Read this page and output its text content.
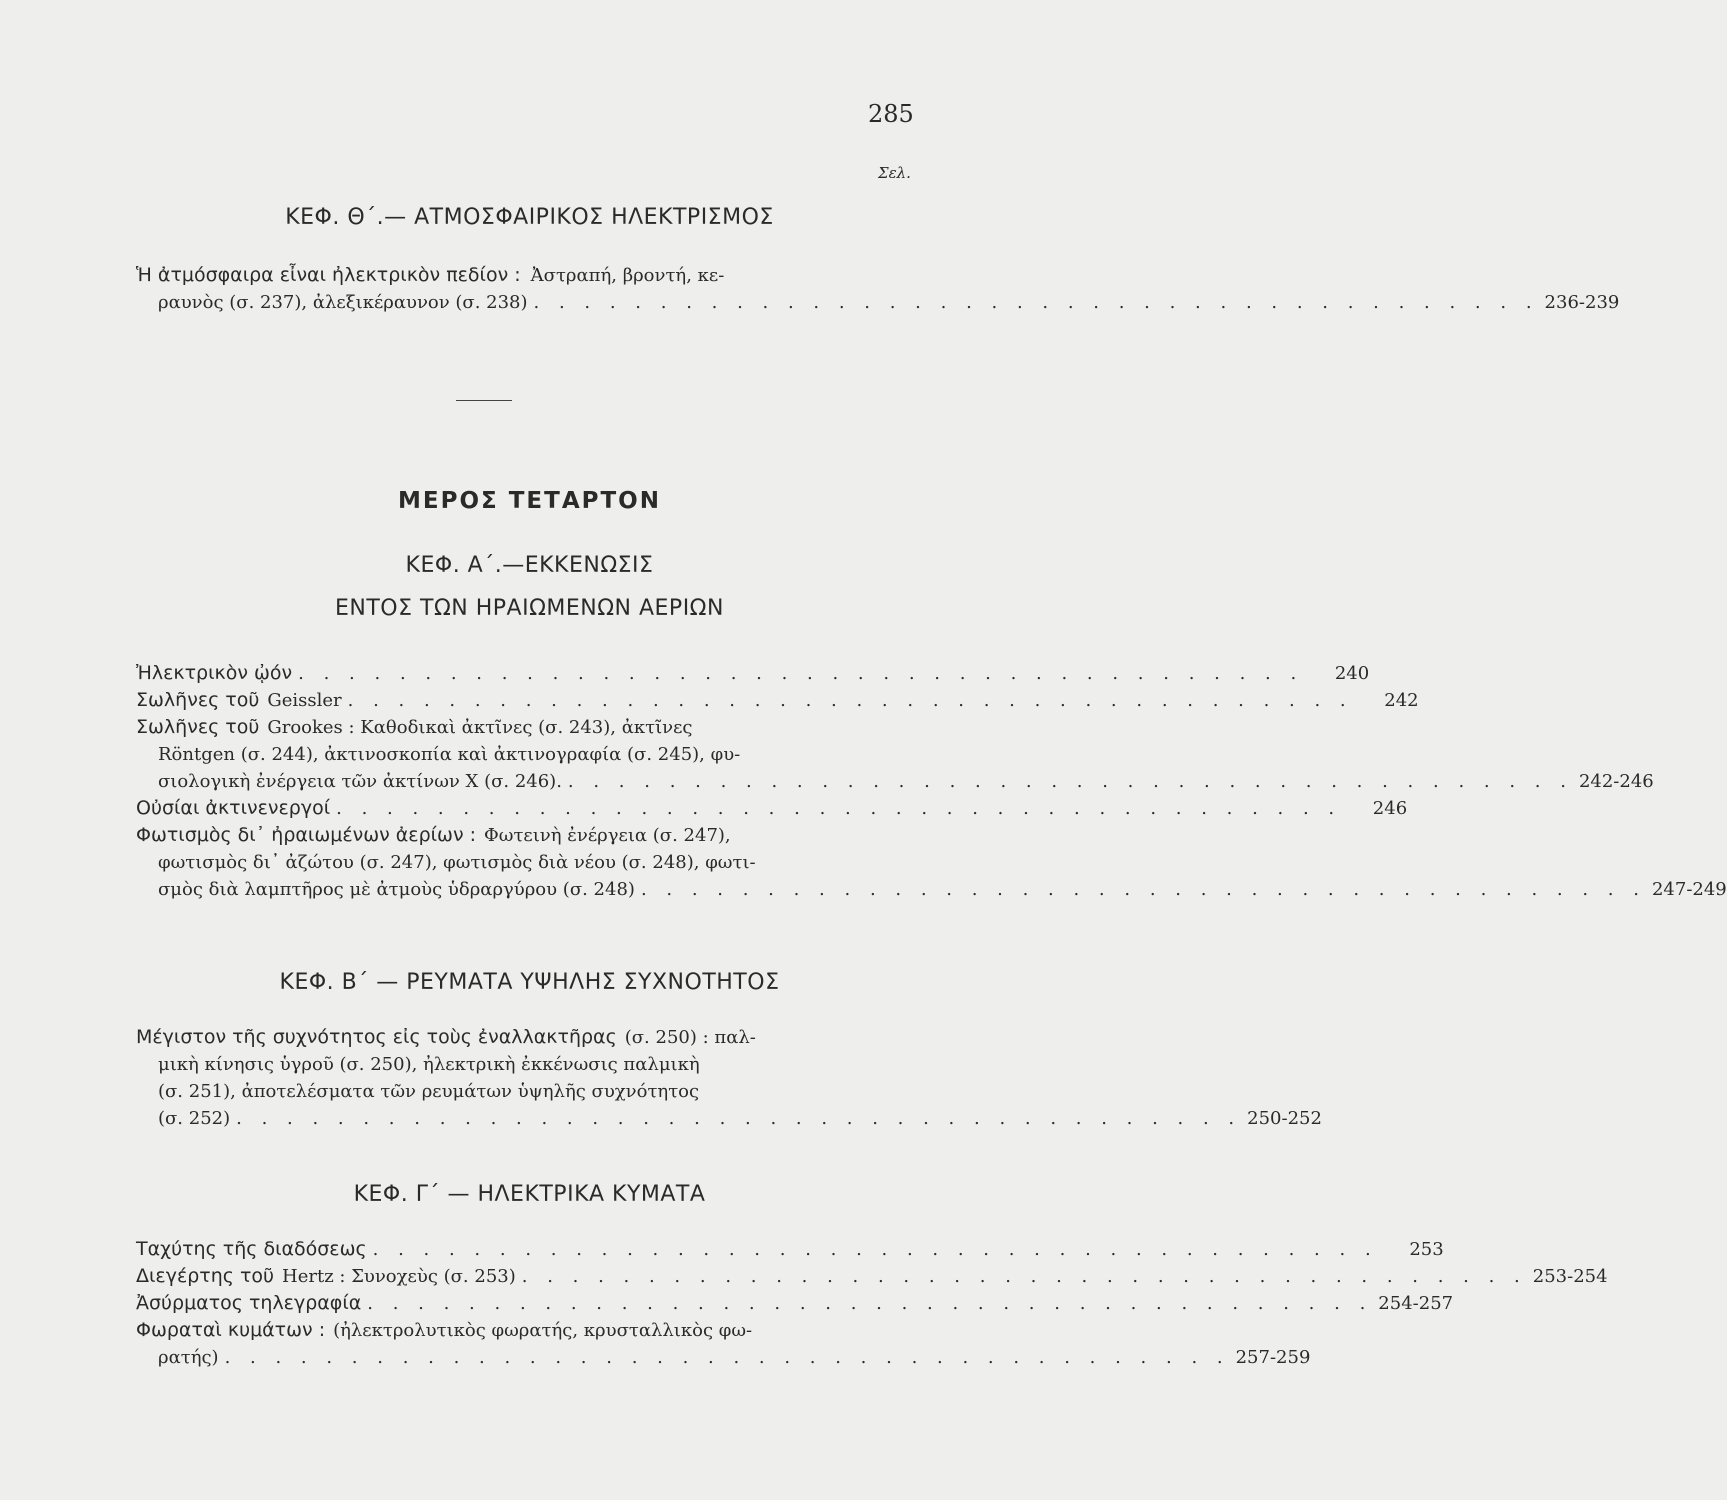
285
Σελ.
ΚΕΦ. Θ΄.— ΑΤΜΟΣΦΑΙΡΙΚΟΣ ΗΛΕΚΤΡΙΣΜΟΣ
Ἡ ἀτμόσφαιρα εἶναι ἠλεκτρικὸν πεδίον : Ἀστραπή, βροντή, κε-
ραυνὸς (σ. 237), ἀλεξικέραυνον (σ. 238) . . . . . . . . . . . . . . . . . . . . . . . . . . . . . . . . . . . . . . . . 236-239
ΜΕΡΟΣ ΤΕΤΑΡΤΟΝ
ΚΕΦ. Α΄.—ΕΚΚΕΝΩΣΙΣ
ΕΝΤΟΣ ΤΩΝ ΗΡΑΙΩΜΕΝΩΝ ΑΕΡΙΩΝ
Ἠλεκτρικὸν ᾠόν . . . . . . . . . . . . . . . . . . . . . . . . . . . . . . . . . . . . . . . .	240
Σωλῆνες τοῦ Geissler . . . . . . . . . . . . . . . . . . . . . . . . . . . . . . . . . . . . . . . .	242
Σωλῆνες τοῦ Grookes : Καθοδικαὶ ἀκτῖνες (σ. 243), ἀκτῖνες
Röntgen (σ. 244), ἀκτινοσκοπία καὶ ἀκτινογραφία (σ. 245), φυ-
σιολογικὴ ἐνέργεια τῶν ἀκτίνων Χ (σ. 246). . . . . . . . . . . . . . . . . . . . . . . . . . . . . . . . . . . . . . . . . 242-246
Οὐσίαι ἀκτινενεργοί . . . . . . . . . . . . . . . . . . . . . . . . . . . . . . . . . . . . . . . .	246
Φωτισμὸς δι᾽ ἠραιωμένων ἀερίων : Φωτεινὴ ἐνέργεια (σ. 247),
φωτισμὸς δι᾽ ἀζώτου (σ. 247), φωτισμὸς διὰ νέου (σ. 248), φωτι-
σμὸς διὰ λαμπτῆρος μὲ ἀτμοὺς ὑδραργύρου (σ. 248) . . . . . . . . . . . . . . . . . . . . . . . . . . . . . . . . . . . . . . . . 247-249
ΚΕΦ. Β΄ — ΡΕΥΜΑΤΑ ΥΨΗΛΗΣ ΣΥΧΝΟΤΗΤΟΣ
Μέγιστον τῆς συχνότητος εἰς τοὺς ἐναλλακτῆρας (σ. 250) : παλ-
μικὴ κίνησις ὑγροῦ (σ. 250), ἠλεκτρικὴ ἐκκένωσις παλμικὴ
(σ. 251), ἀποτελέσματα τῶν ρευμάτων ὑψηλῆς συχνότητος
(σ. 252) . . . . . . . . . . . . . . . . . . . . . . . . . . . . . . . . . . . . . . . . 250-252
ΚΕΦ. Γ΄ — ΗΛΕΚΤΡΙΚΑ ΚΥΜΑΤΑ
Ταχύτης τῆς διαδόσεως . . . . . . . . . . . . . . . . . . . . . . . . . . . . . . . . . . . . . . . .	253
Διεγέρτης τοῦ Hertz : Συνοχεὺς (σ. 253) . . . . . . . . . . . . . . . . . . . . . . . . . . . . . . . . . . . . . . . . 253-254
Ἀσύρματος τηλεγραφία . . . . . . . . . . . . . . . . . . . . . . . . . . . . . . . . . . . . . . . . 254-257
Φωραταὶ κυμάτων : (ἠλεκτρολυτικὸς φωρατής, κρυσταλλικὸς φω-
ρατής) . . . . . . . . . . . . . . . . . . . . . . . . . . . . . . . . . . . . . . . . 257-259
